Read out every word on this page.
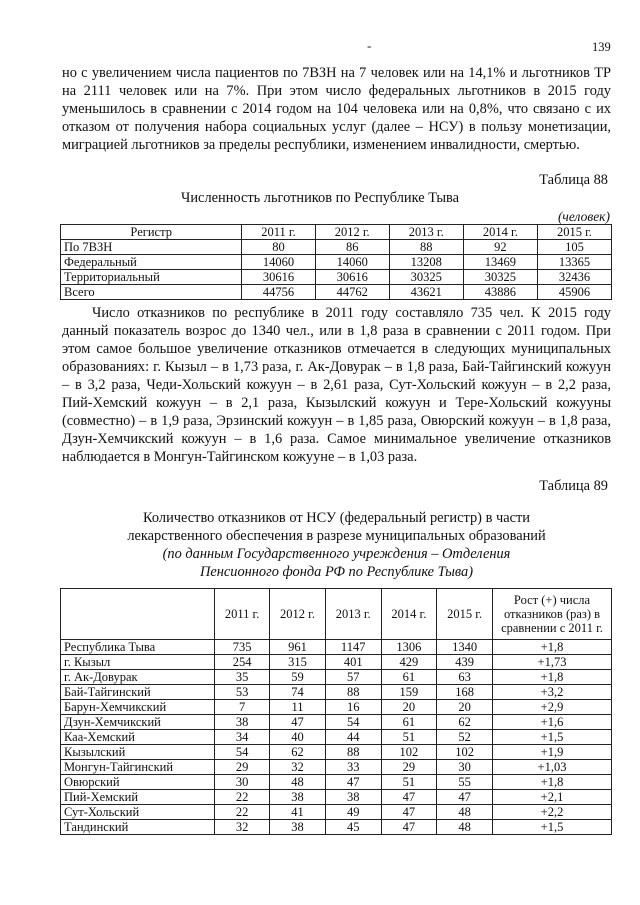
-	139

но с увеличением числа пациентов по 7ВЗН на 7 человек или на 14,1% и льготников ТР на 2111 человек или на 7%. При этом число федеральных льготников в 2015 году уменьшилось в сравнении с 2014 годом на 104 человека или на 0,8%, что связано с их отказом от получения набора социальных услуг (далее – НСУ) в пользу монетизации, миграцией льготников за пределы республики, изменением инвалидности, смертью.

Таблица 88
Численность льготников по Республике Тыва
(человек)
Регистр	2011 г.	2012 г.	2013 г.	2014 г.	2015 г.
По 7ВЗН	80	86	88	92	105
Федеральный	14060	14060	13208	13469	13365
Территориальный	30616	30616	30325	30325	32436
Всего	44756	44762	43621	43886	45906

Число отказников по республике в 2011 году составляло 735 чел. К 2015 году данный показатель возрос до 1340 чел., или в 1,8 раза в сравнении с 2011 годом. При этом самое большое увеличение отказников отмечается в следующих муниципальных образованиях: г. Кызыл – в 1,73 раза, г. Ак-Довурак – в 1,8 раза, Бай-Тайгинский кожуун – в 3,2 раза, Чеди-Хольский кожуун – в 2,61 раза, Сут-Хольский кожуун – в 2,2 раза, Пий-Хемский кожуун – в 2,1 раза, Кызылский кожуун и Тере-Хольский кожууны (совместно) – в 1,9 раза, Эрзинский кожуун – в 1,85 раза, Овюрский кожуун – в 1,8 раза, Дзун-Хемчикский кожуун – в 1,6 раза. Самое минимальное увеличение отказников наблюдается в Монгун-Тайгинском кожууне – в 1,03 раза.

Таблица 89
Количество отказников от НСУ (федеральный регистр) в части
лекарственного обеспечения в разрезе муниципальных образований
(по данным Государственного учреждения – Отделения
Пенсионного фонда РФ по Республике Тыва)
	2011 г.	2012 г.	2013 г.	2014 г.	2015 г.	Рост (+) числа отказников (раз) в сравнении с 2011 г.
Республика Тыва	735	961	1147	1306	1340	+1,8
г. Кызыл	254	315	401	429	439	+1,73
г. Ак-Довурак	35	59	57	61	63	+1,8
Бай-Тайгинский	53	74	88	159	168	+3,2
Барун-Хемчикский	7	11	16	20	20	+2,9
Дзун-Хемчикский	38	47	54	61	62	+1,6
Каа-Хемский	34	40	44	51	52	+1,5
Кызылский	54	62	88	102	102	+1,9
Монгун-Тайгинский	29	32	33	29	30	+1,03
Овюрский	30	48	47	51	55	+1,8
Пий-Хемский	22	38	38	47	47	+2,1
Сут-Хольский	22	41	49	47	48	+2,2
Тандинский	32	38	45	47	48	+1,5
